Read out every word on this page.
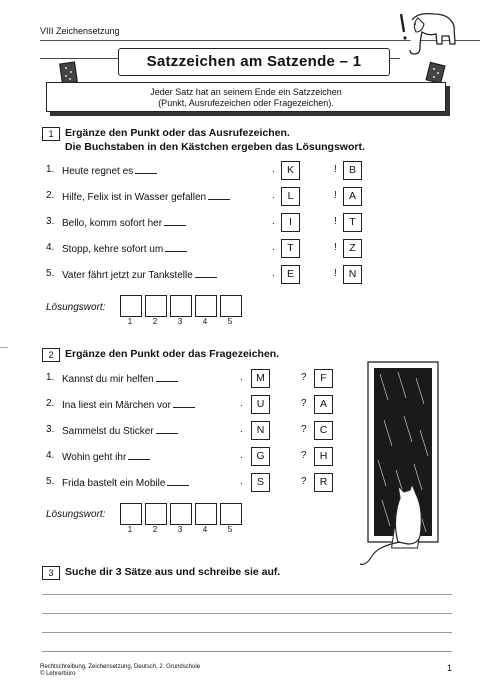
VIII Zeichensetzung
Satzzeichen am Satzende – 1
Jeder Satz hat an seinem Ende ein Satzzeichen
(Punkt, Ausrufezeichen oder Fragezeichen).
1	Ergänze den Punkt oder das Ausrufezeichen.
Die Buchstaben in den Kästchen ergeben das Lösungswort.
1. Heute regnet es	.	K	!	B
2. Hilfe, Felix ist in Wasser gefallen	.	L	!	A
3. Bello, komm sofort her	.	I	!	T
4. Stopp, kehre sofort um	.	T	!	Z
5. Vater fährt jetzt zur Tankstelle	.	E	!	N
Lösungswort:
1	2	3	4	5
2	Ergänze den Punkt oder das Fragezeichen.
1. Kannst du mir helfen	.	M	?	F
2. Ina liest ein Märchen vor	.	U	?	A
3. Sammelst du Sticker	.	N	?	C
4. Wohin geht ihr	.	G	?	H
5. Frida bastelt ein Mobile	.	S	?	R
Lösungswort:
1	2	3	4	5
3	Suche dir 3 Sätze aus und schreibe sie auf.
Rechtschreibung, Zeichensetzung, Deutsch, 2. Grundschule
© Lehrerbüro
1
